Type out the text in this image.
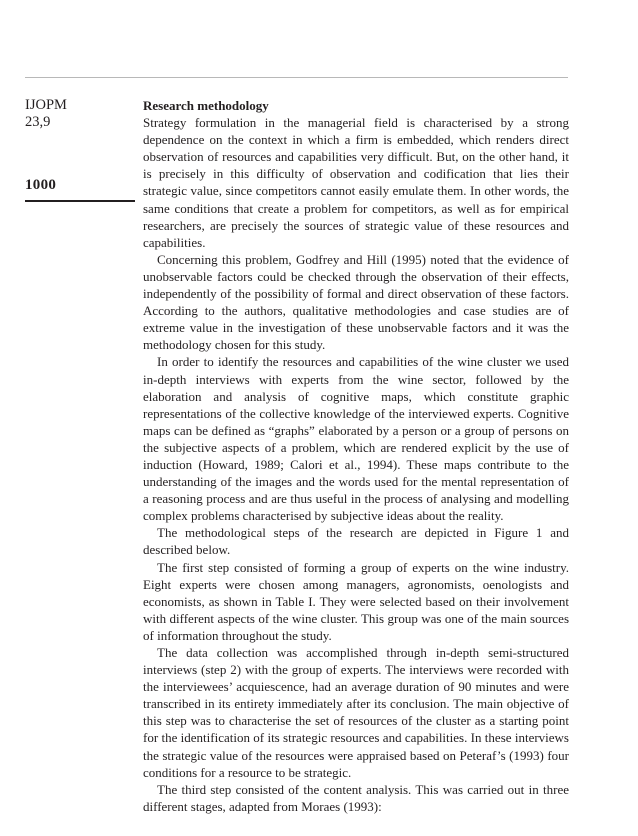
IJOPM
23,9
1000

Research methodology

Strategy formulation in the managerial field is characterised by a strong dependence on the context in which a firm is embedded, which renders direct observation of resources and capabilities very difficult. But, on the other hand, it is precisely in this difficulty of observation and codification that lies their strategic value, since competitors cannot easily emulate them. In other words, the same conditions that create a problem for competitors, as well as for empirical researchers, are precisely the sources of strategic value of these resources and capabilities.

Concerning this problem, Godfrey and Hill (1995) noted that the evidence of unobservable factors could be checked through the observation of their effects, independently of the possibility of formal and direct observation of these factors. According to the authors, qualitative methodologies and case studies are of extreme value in the investigation of these unobservable factors and it was the methodology chosen for this study.

In order to identify the resources and capabilities of the wine cluster we used in-depth interviews with experts from the wine sector, followed by the elaboration and analysis of cognitive maps, which constitute graphic representations of the collective knowledge of the interviewed experts. Cognitive maps can be defined as “graphs” elaborated by a person or a group of persons on the subjective aspects of a problem, which are rendered explicit by the use of induction (Howard, 1989; Calori et al., 1994). These maps contribute to the understanding of the images and the words used for the mental representation of a reasoning process and are thus useful in the process of analysing and modelling complex problems characterised by subjective ideas about the reality.

The methodological steps of the research are depicted in Figure 1 and described below.

The first step consisted of forming a group of experts on the wine industry. Eight experts were chosen among managers, agronomists, oenologists and economists, as shown in Table I. They were selected based on their involvement with different aspects of the wine cluster. This group was one of the main sources of information throughout the study.

The data collection was accomplished through in-depth semi-structured interviews (step 2) with the group of experts. The interviews were recorded with the interviewees’ acquiescence, had an average duration of 90 minutes and were transcribed in its entirety immediately after its conclusion. The main objective of this step was to characterise the set of resources of the cluster as a starting point for the identification of its strategic resources and capabilities. In these interviews the strategic value of the resources were appraised based on Peteraf’s (1993) four conditions for a resource to be strategic.

The third step consisted of the content analysis. This was carried out in three different stages, adapted from Moraes (1993):
